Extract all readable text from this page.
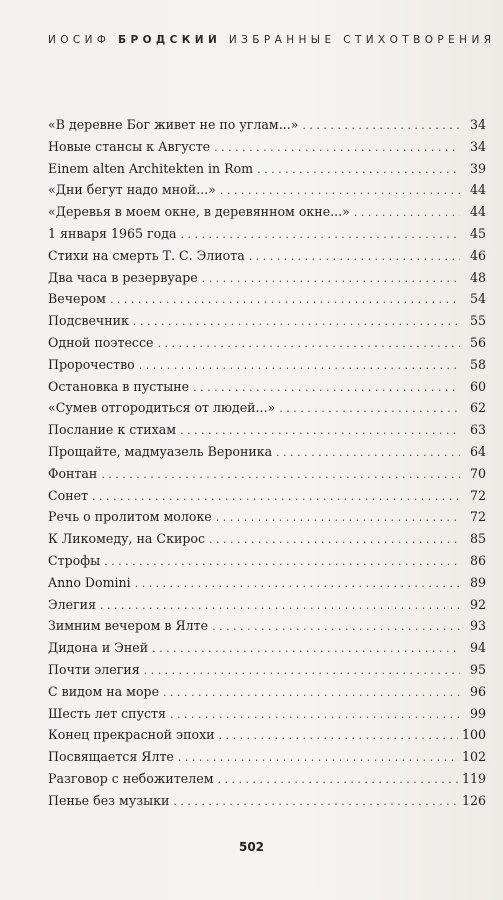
ИОСИФ БРОДСКИЙ ИЗБРАННЫЕ СТИХОТВОРЕНИЯ
«В деревне Бог живет не по углам...» . . .	34
Новые стансы к Августе . . .	34
Einem alten Architekten in Rom . . .	39
«Дни бегут надо мной...» . . .	44
«Деревья в моем окне, в деревянном окне...» . . .	44
1 января 1965 года . . .	45
Стихи на смерть Т. С. Элиота . . .	46
Два часа в резервуаре . . .	48
Вечером . . .	54
Подсвечник . . .	55
Одной поэтессе . . .	56
Пророчество . . .	58
Остановка в пустыне . . .	60
«Сумев отгородиться от людей...» . . .	62
Послание к стихам . . .	63
Прощайте, мадмуазель Вероника . . .	64
Фонтан . . .	70
Сонет . . .	72
Речь о пролитом молоке . . .	72
К Ликомеду, на Скирос . . .	85
Строфы . . .	86
Anno Domini . . .	89
Элегия . . .	92
Зимним вечером в Ялте . . .	93
Дидона и Эней . . .	94
Почти элегия . . .	95
С видом на море . . .	96
Шесть лет спустя . . .	99
Конец прекрасной эпохи . . .	100
Посвящается Ялте . . .	102
Разговор с небожителем . . .	119
Пенье без музыки . . .	126
502
